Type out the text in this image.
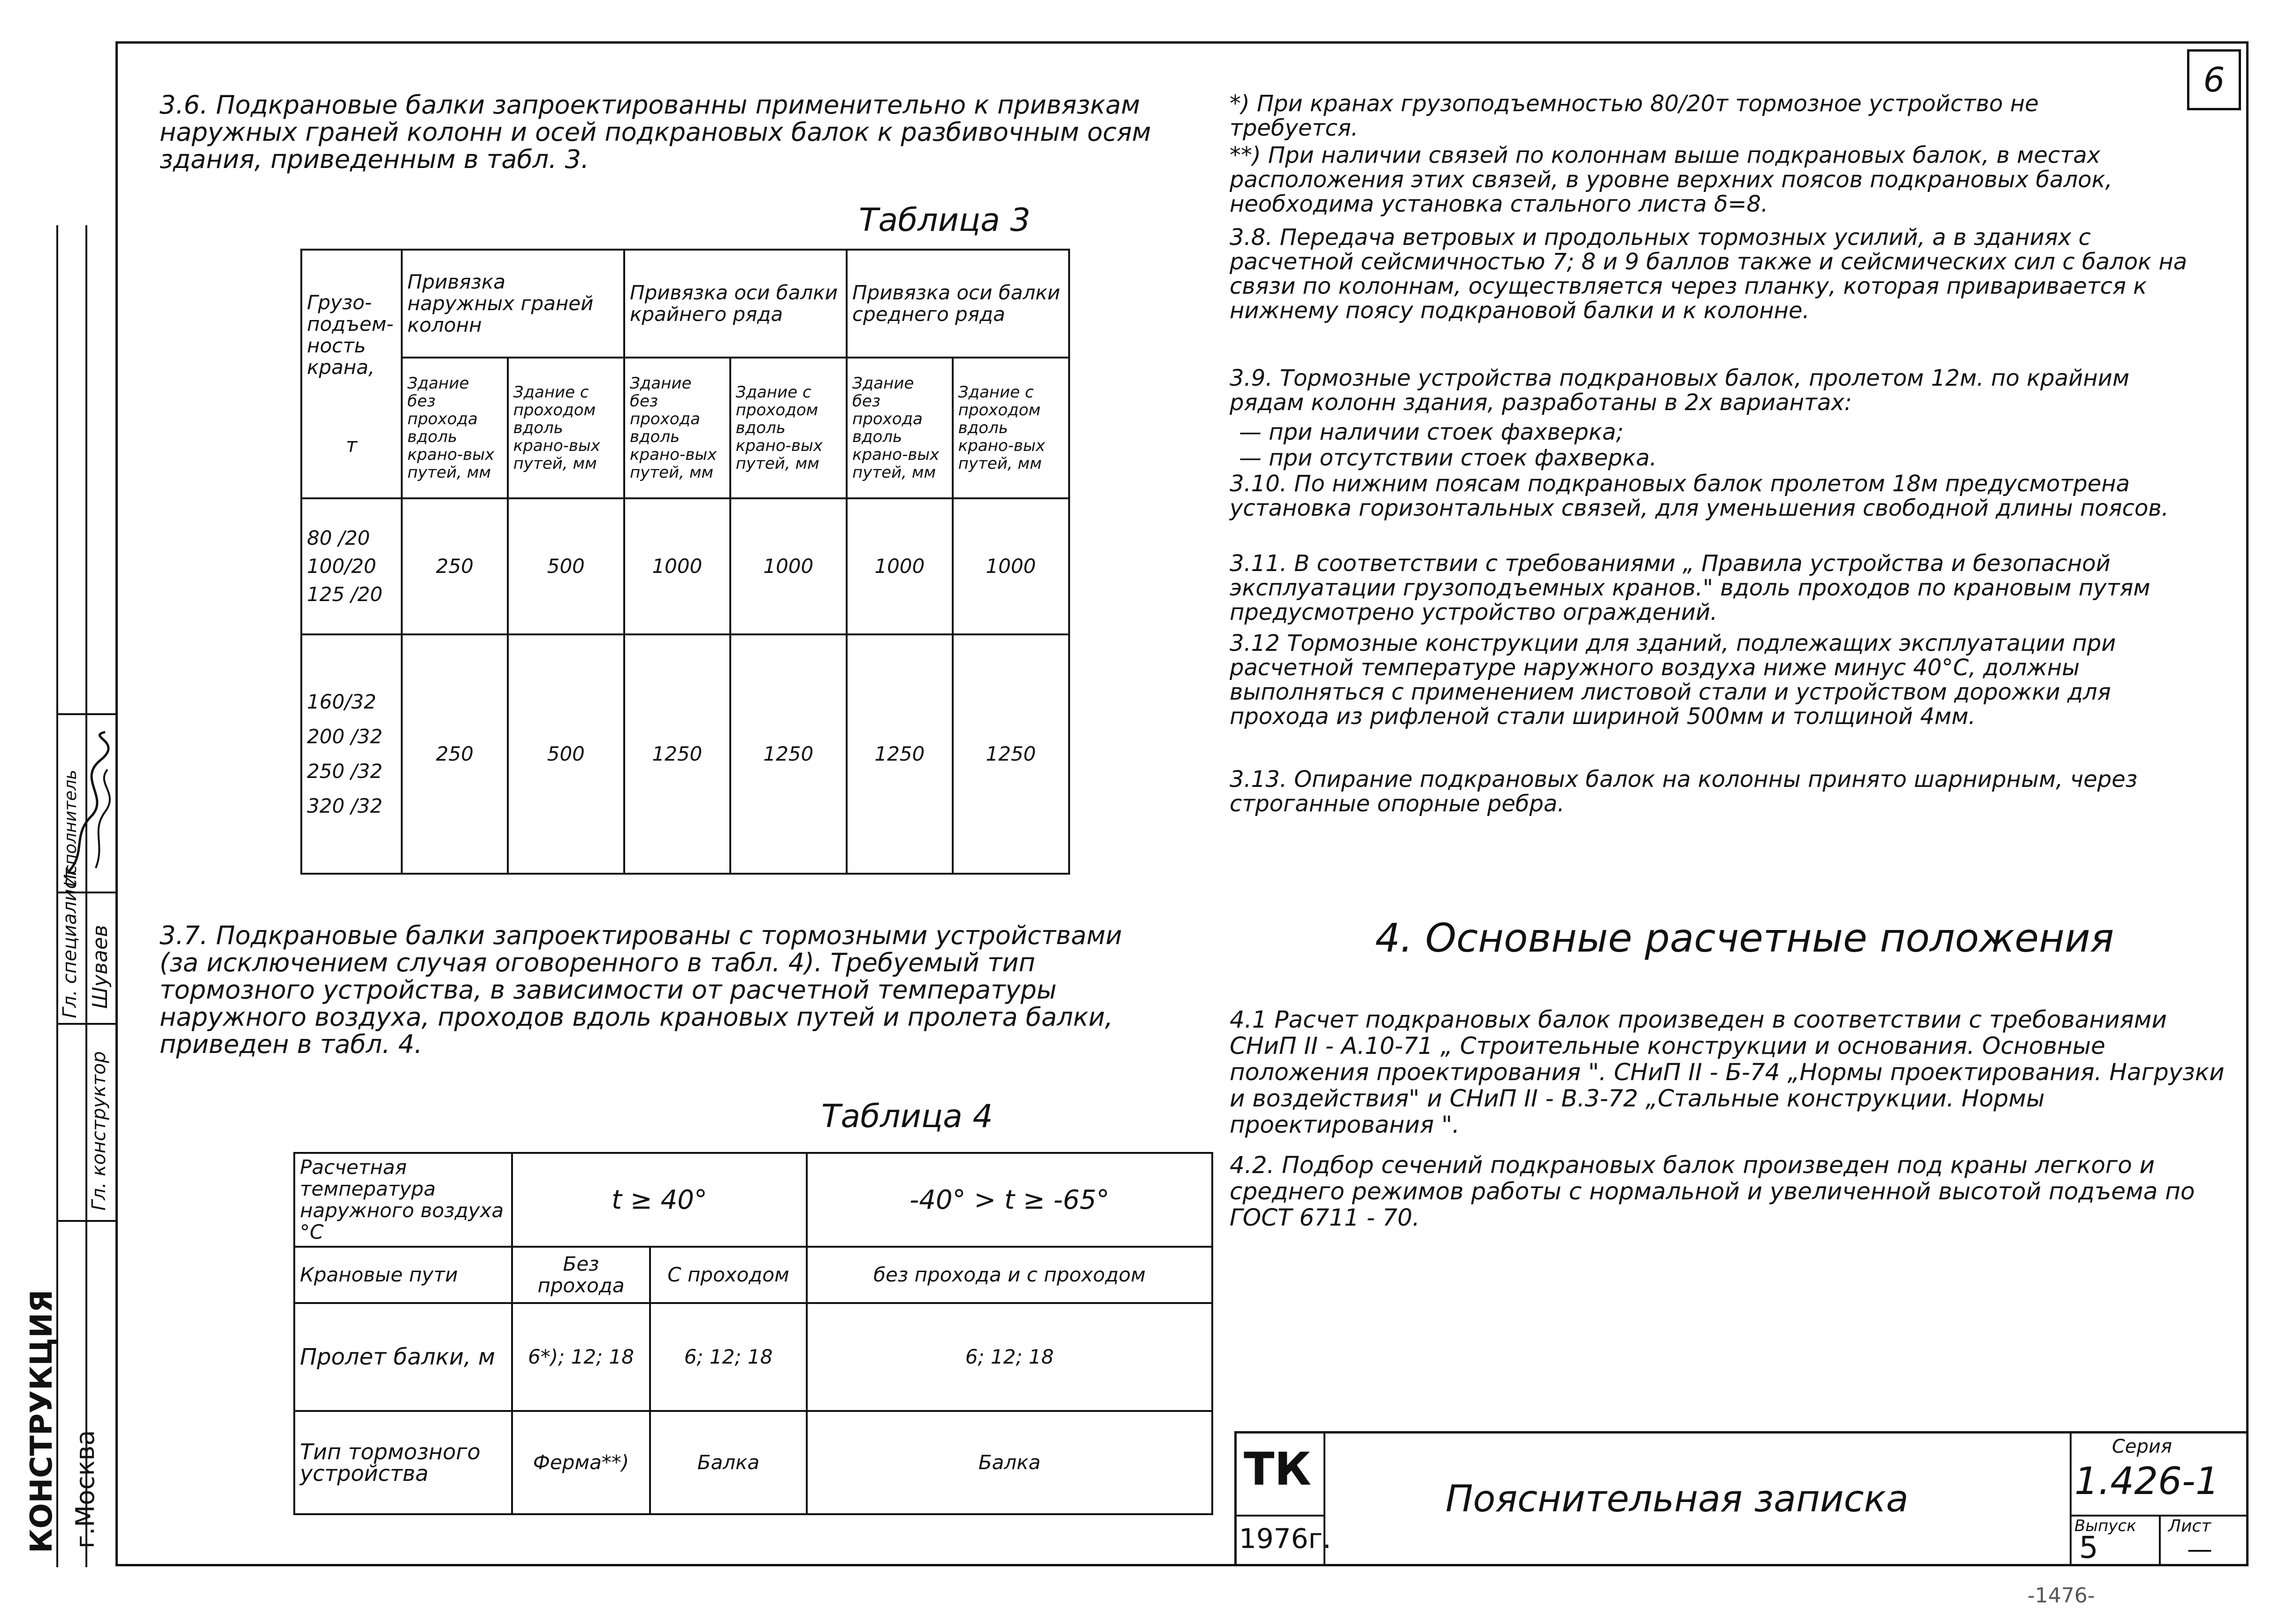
КОНСТРУКЦИЯ г.Москва
Гл. конструктор
Гл. специалист Шуваев
Исполнитель
6
3.6. Подкрановые балки запроектированны применительно к привязкам наружных граней колонн и осей подкрановых балок к разбивочным осям здания, приведенным в табл. 3.
Таблица 3
Грузо-подъем-ность крана,
т	Привязка наружных граней колонн		Привязка оси балки крайнего ряда		Привязка оси балки среднего ряда	
	Здание без прохода вдоль крано-вых путей, мм	Здание с проходом вдоль крано-вых путей, мм	Здание без прохода вдоль крано-вых путей, мм	Здание с проходом вдоль крано-вых путей, мм	Здание без прохода вдоль крано-вых путей, мм	Здание с проходом вдоль крано-вых путей, мм

80 /20
100/20
125 /20	250	500	1000	1000	1000	1000

160/32
200 /32
250 /32
320 /32	250	500	1250	1250	1250	1250
3.7. Подкрановые балки запроектированы с тормозными устройствами (за исключением случая оговоренного в табл. 4). Требуемый тип тормозного устройства, в зависимости от расчетной температуры наружного воздуха, проходов вдоль крановых путей и пролета балки, приведен в табл. 4.
Таблица 4
Расчетная температура наружного воздуха °С	t ≥ 40°		-40° > t ≥ -65°
Крановые пути	Без прохода	С проходом	без прохода и с проходом
Пролет балки, м	6*); 12; 18	6; 12; 18	6; 12; 18
Тип тормозного устройства	Ферма**)	Балка	Балка
*) При кранах грузоподъемностью 80/20т тормозное устройство не требуется.
**) При наличии связей по колоннам выше подкрановых балок, в местах расположения этих связей, в уровне верхних поясов подкрановых балок, необходима установка стального листа δ=8.
3.8. Передача ветровых и продольных тормозных усилий, а в зданиях с расчетной сейсмичностью 7; 8 и 9 баллов также и сейсмических сил с балок на связи по колоннам, осуществляется через планку, которая приваривается к нижнему поясу подкрановой балки и к колонне.
3.9. Тормозные устройства подкрановых балок, пролетом 12м. по крайним рядам колонн здания, разработаны в 2х вариантах:
— при наличии стоек фахверка;
— при отсутствии стоек фахверка.
3.10. По нижним поясам подкрановых балок пролетом 18м предусмотрена установка горизонтальных связей, для уменьшения свободной длины поясов.
3.11. В соответствии с требованиями „ Правила устройства и безопасной эксплуатации грузоподъемных кранов." вдоль проходов по крановым путям предусмотрено устройство ограждений.
3.12 Тормозные конструкции для зданий, подлежащих эксплуатации при расчетной температуре наружного воздуха ниже минус 40°С, должны выполняться с применением листовой стали и устройством дорожки для прохода из рифленой стали шириной 500мм и толщиной 4мм.
3.13. Опирание подкрановых балок на колонны принято шарнирным, через строганные опорные ребра.
4. Основные расчетные положения
4.1 Расчет подкрановых балок произведен в соответствии с требованиями СНиП II - А.10-71 „ Строительные конструкции и основания. Основные положения проектирования ". СНиП II - Б-74 „Нормы проектирования. Нагрузки и воздействия" и СНиП II - В.3-72 „Стальные конструкции. Нормы проектирования ".
4.2. Подбор сечений подкрановых балок произведен под краны легкого и среднего режимов работы с нормальной и увеличенной высотой подъема по ГОСТ 6711 - 70.
ТК
1976г.
Пояснительная записка
Серия
1.426-1
Выпуск
5
Лист
—
-1476-
